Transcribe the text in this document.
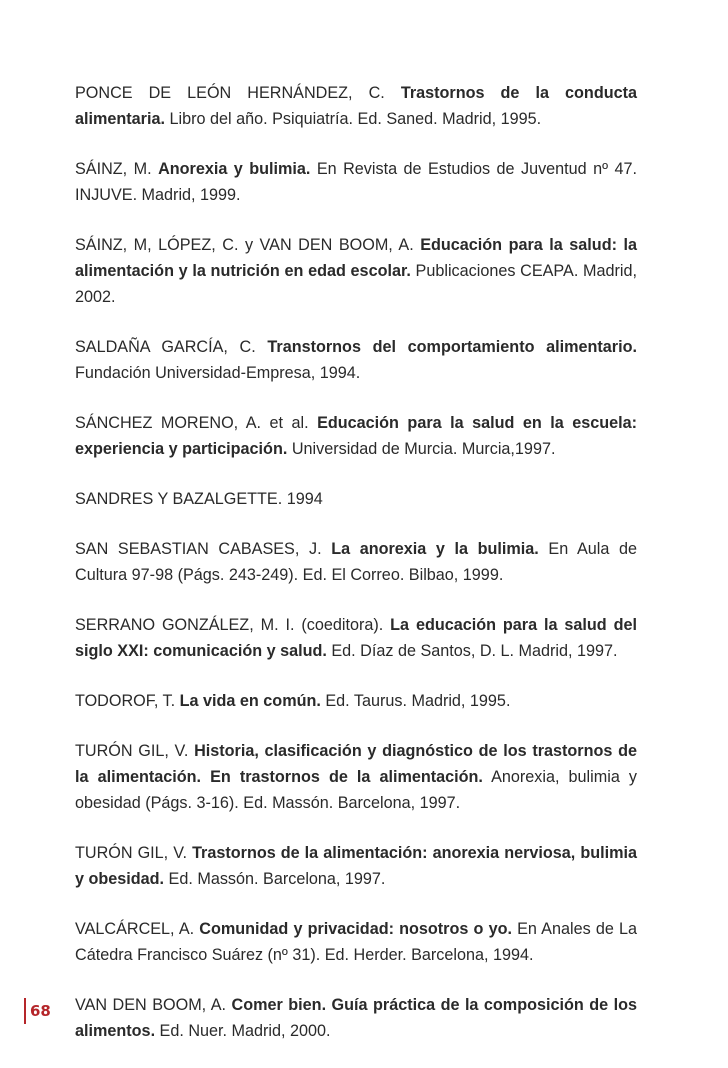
PONCE DE LEÓN HERNÁNDEZ, C. Trastornos de la conducta alimentaria. Libro del año. Psiquiatría. Ed. Saned. Madrid, 1995.

SÁINZ, M. Anorexia y bulimia. En Revista de Estudios de Juventud nº 47. INJUVE. Madrid, 1999.

SÁINZ, M, LÓPEZ, C. y VAN DEN BOOM, A. Educación para la salud: la alimentación y la nutrición en edad escolar. Publicaciones CEAPA. Madrid, 2002.

SALDAÑA GARCÍA, C. Transtornos del comportamiento alimentario. Fundación Universidad-Empresa, 1994.

SÁNCHEZ MORENO, A. et al. Educación para la salud en la escuela: experiencia y participación. Universidad de Murcia. Murcia,1997.

SANDRES Y BAZALGETTE. 1994

SAN SEBASTIAN CABASES, J. La anorexia y la bulimia. En Aula de Cultura 97-98 (Págs. 243-249). Ed. El Correo. Bilbao, 1999.

SERRANO GONZÁLEZ, M. I. (coeditora). La educación para la salud del siglo XXI: comunicación y salud. Ed. Díaz de Santos, D. L. Madrid, 1997.

TODOROF, T. La vida en común. Ed. Taurus. Madrid, 1995.

TURÓN GIL, V. Historia, clasificación y diagnóstico de los trastornos de la alimentación. En trastornos de la alimentación. Anorexia, bulimia y obesidad (Págs. 3-16). Ed. Massón. Barcelona, 1997.

TURÓN GIL, V. Trastornos de la alimentación: anorexia nerviosa, bulimia y obesidad. Ed. Massón. Barcelona, 1997.

VALCÁRCEL, A. Comunidad y privacidad: nosotros o yo. En Anales de La Cátedra Francisco Suárez (nº 31). Ed. Herder. Barcelona, 1994.

VAN DEN BOOM, A. Comer bien. Guía práctica de la composición de los alimentos. Ed. Nuer. Madrid, 2000.

68
